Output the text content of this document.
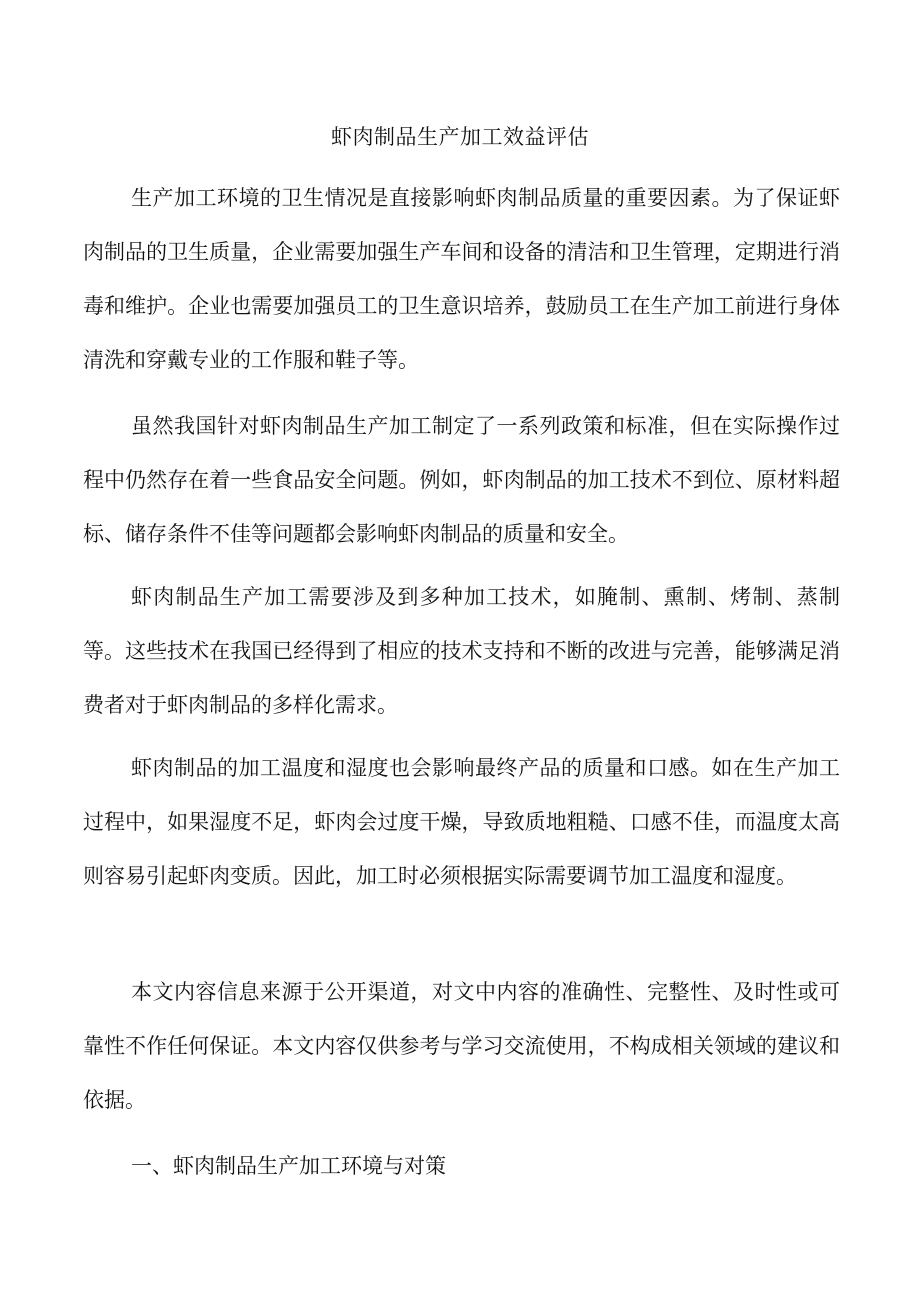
虾肉制品生产加工效益评估

生产加工环境的卫生情况是直接影响虾肉制品质量的重要因素。为了保证虾肉制品的卫生质量，企业需要加强生产车间和设备的清洁和卫生管理，定期进行消毒和维护。企业也需要加强员工的卫生意识培养，鼓励员工在生产加工前进行身体清洗和穿戴专业的工作服和鞋子等。

虽然我国针对虾肉制品生产加工制定了一系列政策和标准，但在实际操作过程中仍然存在着一些食品安全问题。例如，虾肉制品的加工技术不到位、原材料超标、储存条件不佳等问题都会影响虾肉制品的质量和安全。

虾肉制品生产加工需要涉及到多种加工技术，如腌制、熏制、烤制、蒸制等。这些技术在我国已经得到了相应的技术支持和不断的改进与完善，能够满足消费者对于虾肉制品的多样化需求。

虾肉制品的加工温度和湿度也会影响最终产品的质量和口感。如在生产加工过程中，如果湿度不足，虾肉会过度干燥，导致质地粗糙、口感不佳，而温度太高则容易引起虾肉变质。因此，加工时必须根据实际需要调节加工温度和湿度。

本文内容信息来源于公开渠道，对文中内容的准确性、完整性、及时性或可靠性不作任何保证。本文内容仅供参考与学习交流使用，不构成相关领域的建议和依据。

一、虾肉制品生产加工环境与对策
